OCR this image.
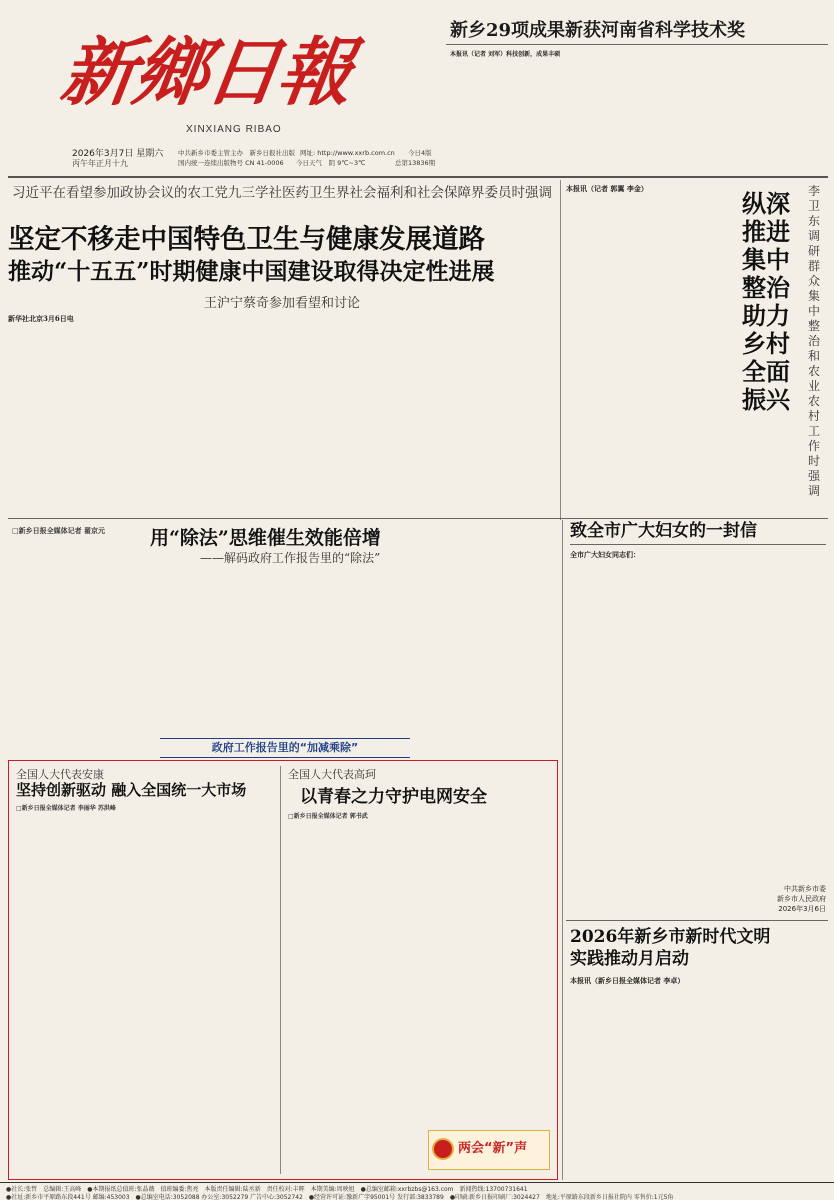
新鄉日報
XINXIANG RIBAO
2026年3月7日 星期六
丙午年正月十九
中共新乡市委主管主办　新乡日报社出版
国内统一连续出版物号 CN 41-0006 今日天气　阴 9℃~3℃
网址: http://www.xxrb.com.cn 今日4版
总第13836期
新乡29项成果新获河南省科学技术奖
本报讯（记者 刘军）科技创新，成果丰硕
习近平在看望参加政协会议的农工党九三学社医药卫生界社会福利和社会保障界委员时强调
坚定不移走中国特色卫生与健康发展道路
推动“十五五”时期健康中国建设取得决定性进展
王沪宁蔡奇参加看望和讨论
新华社北京3月6日电
李卫东调研群众集中整治和农业农村工作时强调
纵深推进集中整治助力乡村全面振兴
本报讯（记者 郭翼 李金）
□新乡日报全媒体记者 翟京元	用“除法”思维催生效能倍增
——解码政府工作报告里的“除法”
政府工作报告里的“加减乘除”
致全市广大妇女的一封信
全市广大妇女同志们：
中共新乡市委
新乡市人民政府
2026年3月6日
2026年新乡市新时代文明
实践推动月启动
本报讯（新乡日报全媒体记者 李卓）
全国人大代表安康
坚持创新驱动 融入全国统一大市场
□新乡日报全媒体记者 李丽华 苏洪峰
全国人大代表高珂
以青春之力守护电网安全
□新乡日报全媒体记者 郭书武
两会“新”声
●社长:张哲　总编辑:王高峰　●本期报纸总值班:张晶薇　值班编委:焦亮　本版责任编辑:陆丞新　责任校对:丰晖　本期美编:周映旭　●总编室邮箱:xxrbzbs@163.com　新闻热线:13700731641
●社址:新乡市平原路东段441号 邮编:453003　●总编室电话:3052088 办公室:3052279 广告中心:3052742　●经营许可证:豫新广字95001号 发行部:3833789　●印刷:新乡日报印刷厂:3024427　地址:平原路东段新乡日报社院内 零售价:1元5角
